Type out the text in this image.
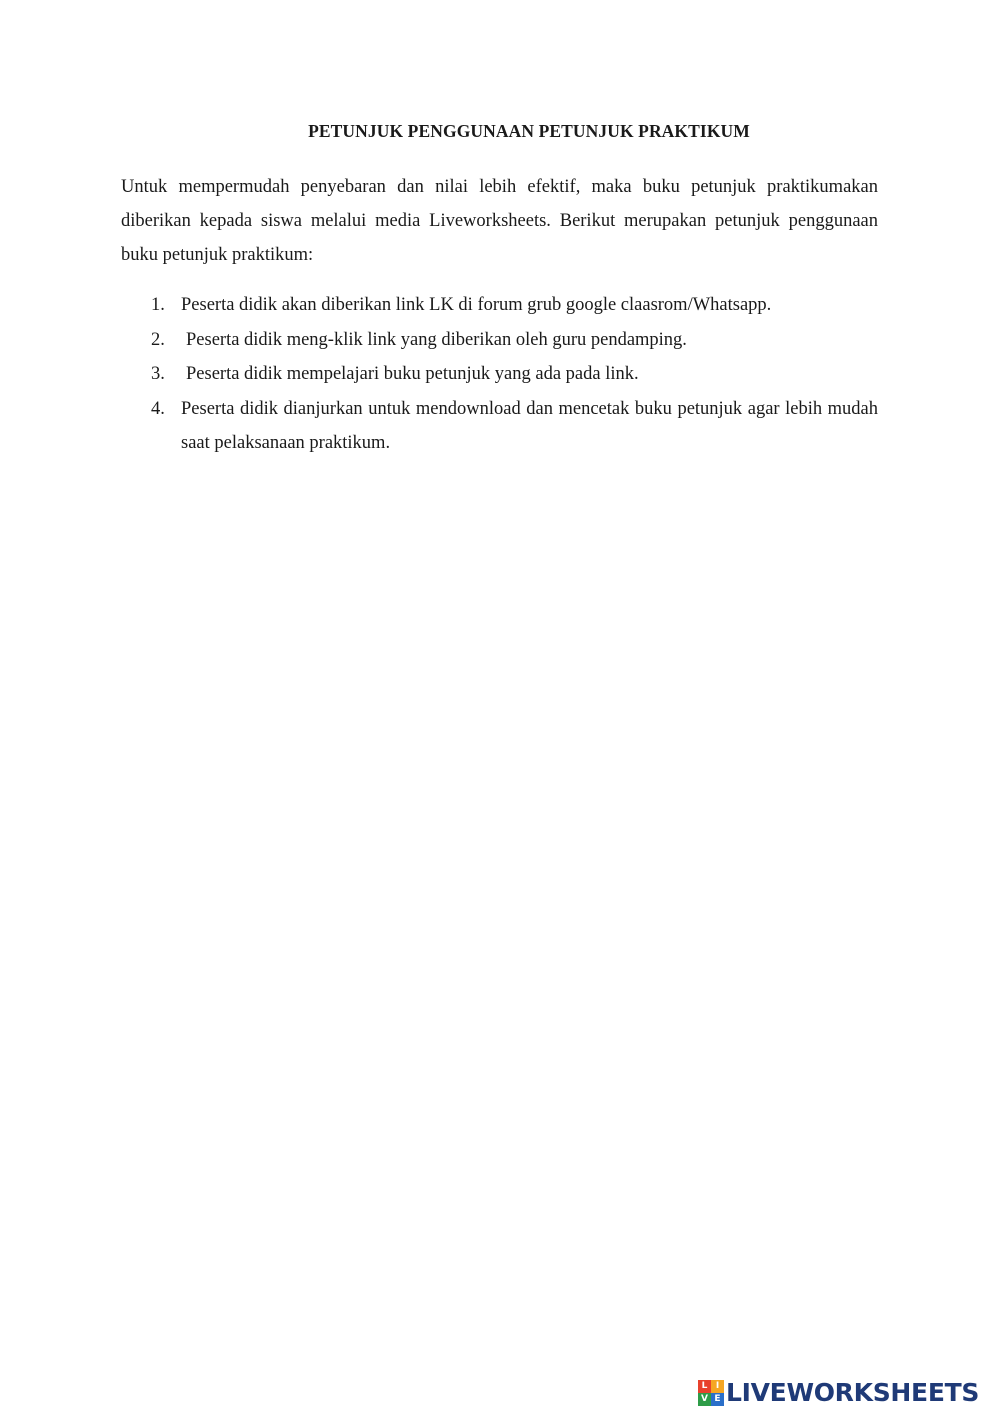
PETUNJUK PENGGUNAAN PETUNJUK PRAKTIKUM

Untuk mempermudah penyebaran dan nilai lebih efektif, maka buku petunjuk praktikumakan diberikan kepada siswa melalui media Liveworksheets. Berikut merupakan petunjuk penggunaan buku petunjuk praktikum:

1. Peserta didik akan diberikan link LK di forum grub google claasrom/Whatsapp.
2. Peserta didik meng-klik link yang diberikan oleh guru pendamping.
3. Peserta didik mempelajari buku petunjuk yang ada pada link.
4. Peserta didik dianjurkan untuk mendownload dan mencetak buku petunjuk agar lebih mudah saat pelaksanaan praktikum.
L I
V E LIVEWORKSHEETS
